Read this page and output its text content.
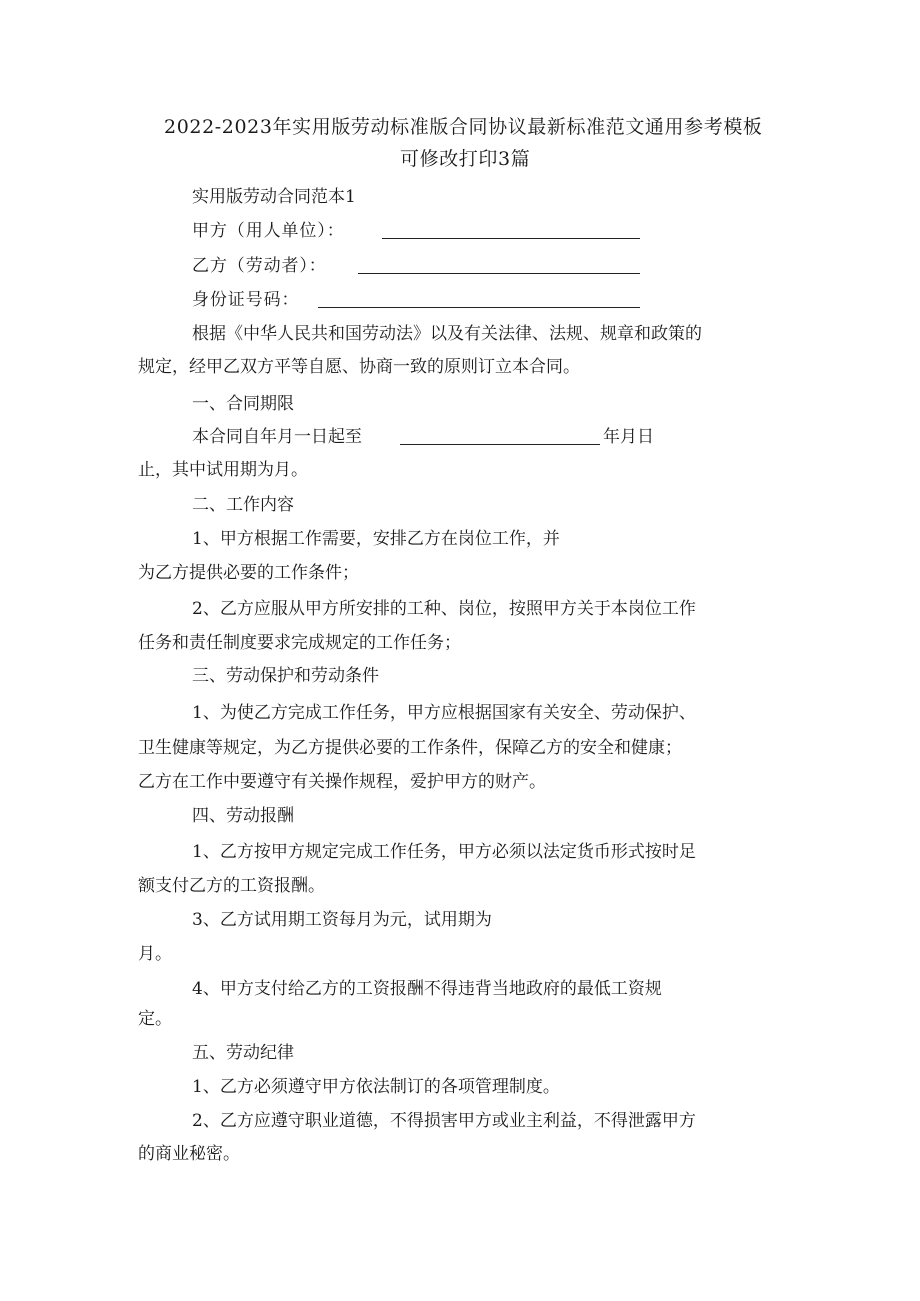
2022-2023年实用版劳动标准版合同协议最新标准范文通用参考模板

可修改打印3篇

实用版劳动合同范本1

甲方（用人单位）：

乙方（劳动者）：

身份证号码：

根据《中华人民共和国劳动法》以及有关法律、法规、规章和政策的

规定，经甲乙双方平等自愿、协商一致的原则订立本合同。

一、合同期限

本合同自年月一日起至	年月日

止，其中试用期为月。

二、工作内容

1、甲方根据工作需要，安排乙方在岗位工作，并

为乙方提供必要的工作条件；

2、乙方应服从甲方所安排的工种、岗位，按照甲方关于本岗位工作

任务和责任制度要求完成规定的工作任务；

三、劳动保护和劳动条件

1、为使乙方完成工作任务，甲方应根据国家有关安全、劳动保护、

卫生健康等规定，为乙方提供必要的工作条件，保障乙方的安全和健康；

乙方在工作中要遵守有关操作规程，爱护甲方的财产。

四、劳动报酬

1、乙方按甲方规定完成工作任务，甲方必须以法定货币形式按时足

额支付乙方的工资报酬。

3、乙方试用期工资每月为元，试用期为

月。

4、甲方支付给乙方的工资报酬不得违背当地政府的最低工资规

定。

五、劳动纪律

1、乙方必须遵守甲方依法制订的各项管理制度。

2、乙方应遵守职业道德，不得损害甲方或业主利益，不得泄露甲方

的商业秘密。
